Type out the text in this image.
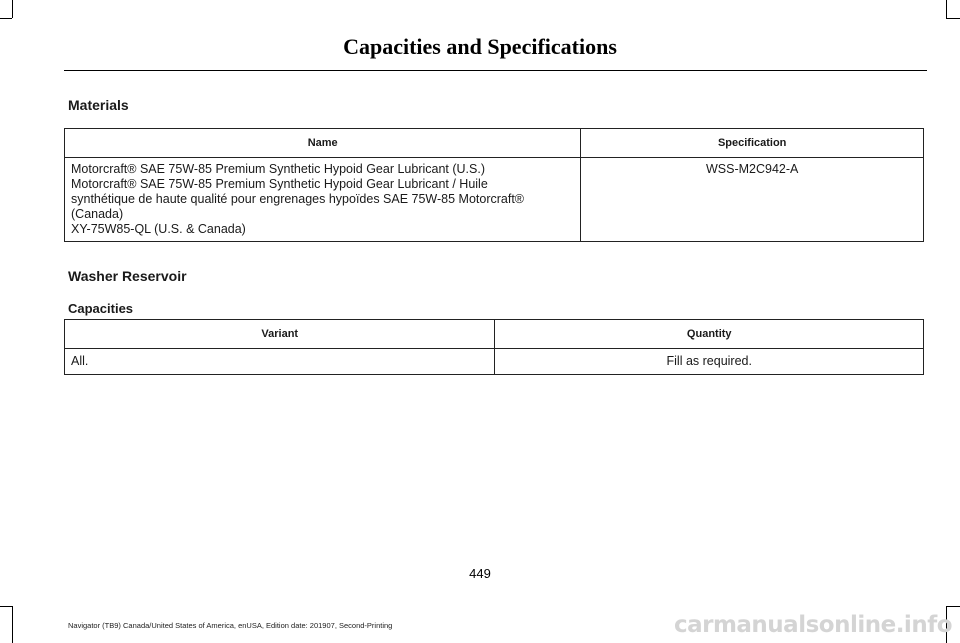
Capacities and Specifications
Materials
Name	Specification

Motorcraft® SAE 75W-85 Premium Synthetic Hypoid Gear Lubricant (U.S.)
Motorcraft® SAE 75W-85 Premium Synthetic Hypoid Gear Lubricant / Huile
synthétique de haute qualité pour engrenages hypoïdes SAE 75W-85 Motorcraft®
(Canada)
XY-75W85-QL (U.S. & Canada)	WSS-M2C942-A
Washer Reservoir
Capacities
Variant	Quantity
All.	Fill as required.
449
Navigator (TB9) Canada/United States of America, enUSA, Edition date: 201907, Second-Printing	carmanualsonline.info
